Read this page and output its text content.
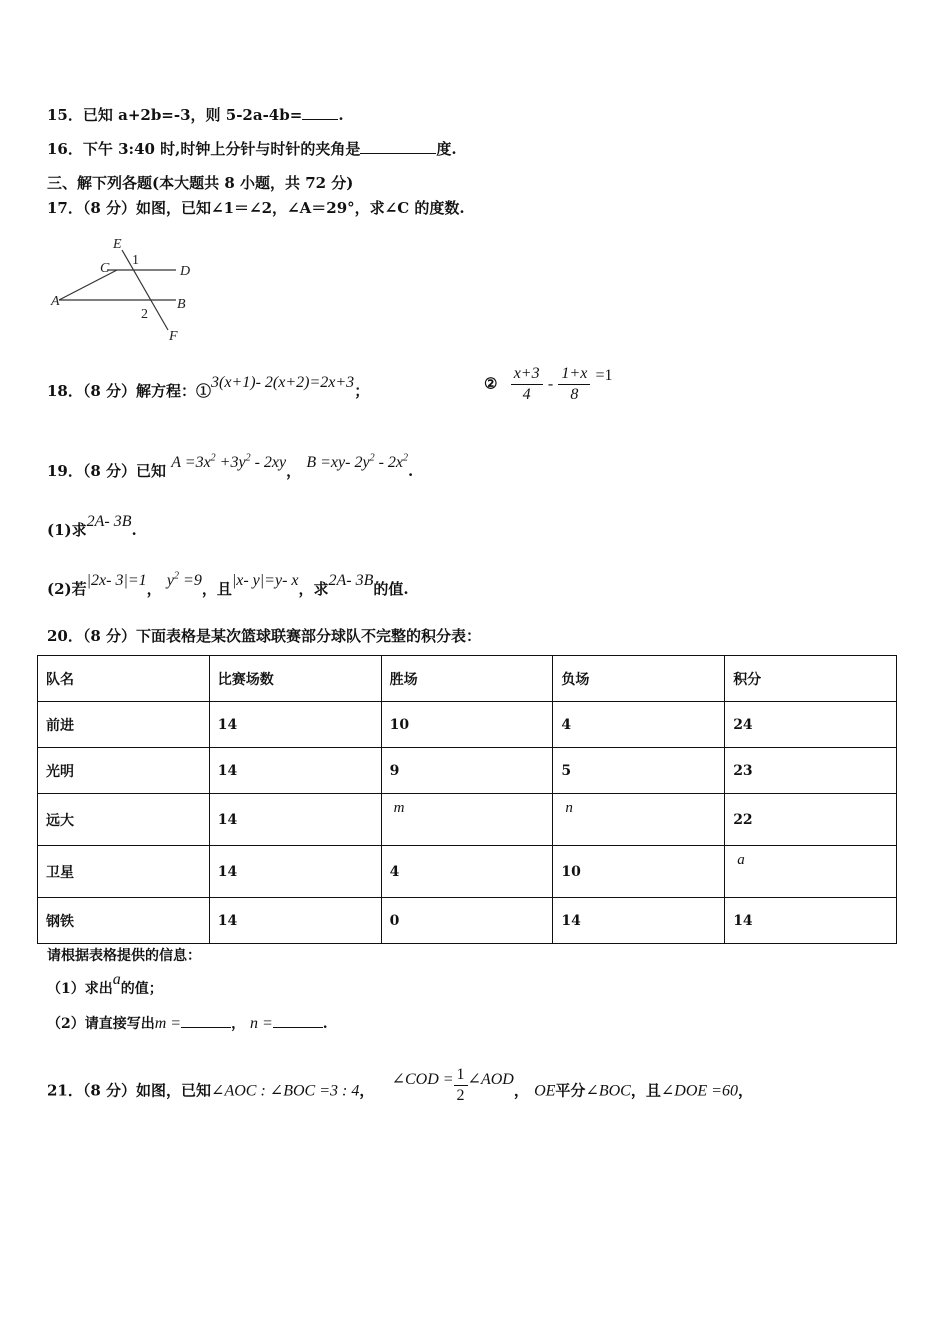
15．已知 a+2b=-3，则 5-2a-4b= .
16．下午 3:40 时,时钟上分针与时针的夹角是	度.
三、解下列各题(本大题共 8 小题，共 72 分)
17．（8 分）如图，已知∠1＝∠2，∠A＝29°，求∠C 的度数.
E
C
1
D
A	B
2
F
18．（8 分）解方程：①3(x+1)- 2(x+2)=2x+3；	② $\frac{x+3}{4} - \frac{1+x}{8} =1$
19．（8 分）已知 $A =3x^2 +3y^2 - 2xy$， B =xy- $2y^2 - 2x^2$.
(1)求2A- 3B.
(2)若|2x- 3|=1， $y^2 =9$，且|x- y|=y- x，求2A- 3B的值.
20．（8 分）下面表格是某次篮球联赛部分球队不完整的积分表：
队名	比赛场数	胜场	负场	积分
前进	14	10	4	24
光明	14	9	5	23
远大	14	m	n	22
卫星	14	4	10	a
钢铁	14	0	14	14
请根据表格提供的信息：
（1）求出a的值；
（2）请直接写出m =	， n =	.
21．（8 分）如图，已知∠AOC : ∠BOC =3 : 4， ∠COD = $\frac{1}{2}$ ∠AOD， OE平分∠BOC，且∠DOE =60，
